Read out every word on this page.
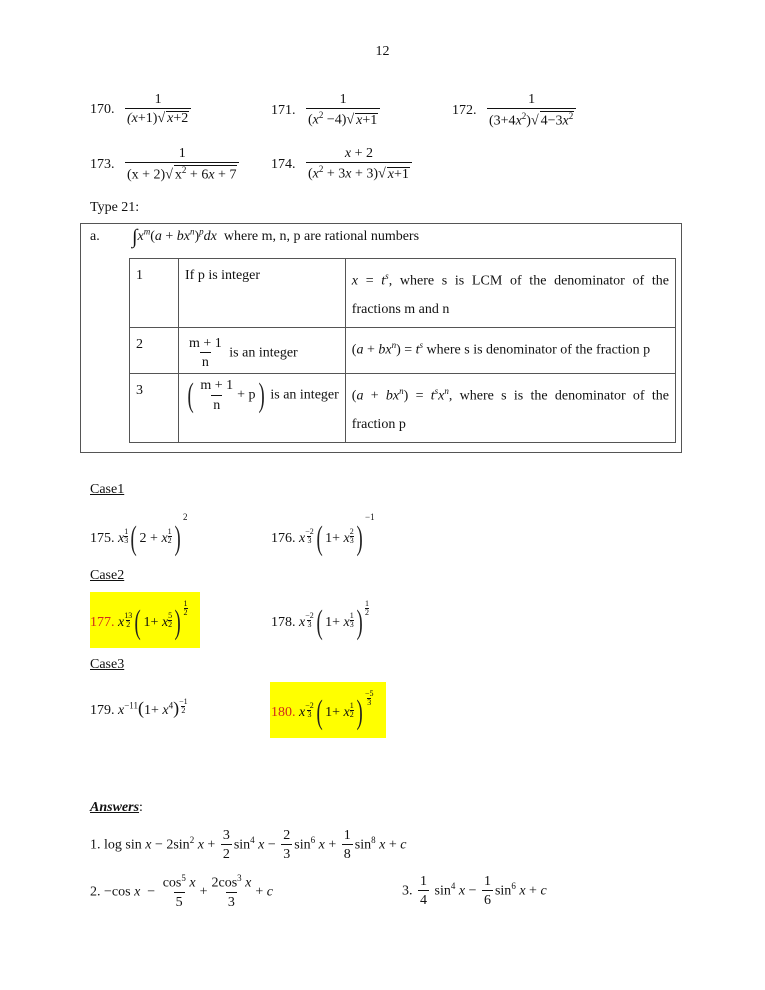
12
170. $\frac{1}{(x+1)√ x+2}$	171. $\frac{1}{(x^2 -4)√ x+1}$	172. $\frac{1}{(3+4x^2)√ 4-3x^2}$
173. $\frac{1}{(x + 2)√ x^2 + 6x + 7} 174$. $\frac{x + 2}{(x^2 + 3x + 3)√ x+1}$
Type 21:
a. $\int x^m(a + bx^n)^pdx$ where m, n, p are rational numbers
1	If p is integer	$x = t^s$, where s is LCM of the denominator of the fractions m and n
2	$\frac{m + 1}{n}$ is an integer	$(a + bx^n) = t^s$ where s is denominator of the fraction p
3	( $\frac{m + 1}{n} + p$) is an integer	$(a + bx^n) = t^sx^n$, where s is the denominator of the fraction p
Case1
175. x $\frac{1}{3}$ ( 2 + x $\frac{1}{2} )^2$
176. x $\frac{-2}{3}$ ( 1+ x $\frac{2}{3} )^{-1}$
Case2
177. x $\frac{13}{2}$ ( 1+ x $\frac{5}{2}$ ) $\frac{1}{2}$
178. x $\frac{-2}{3}$ ( 1+ x $\frac{1}{3}$ ) $\frac{1}{2}$
Case3
179. $x^{-11}(1+ x^4) \frac{-1}{2}$	180. x $\frac{-2}{3}$ ( 1+ x $\frac{1}{2}$ ) $\frac{-5}{3}$
Answers:
1. $\log \sin x - 2\sin^2$ $x + \frac{3}{2} \sin^4 x - \frac{2}{3} \sin^6 x + \frac{1}{8} \sin^8 x + c$
2. −cos $x - \frac{\cos^5 x}{5} + \frac{2\cos^3 x}{3} + c$	3. $\frac{1}{4} \sin^4 x - \frac{1}{6} \sin^6 x + c$
